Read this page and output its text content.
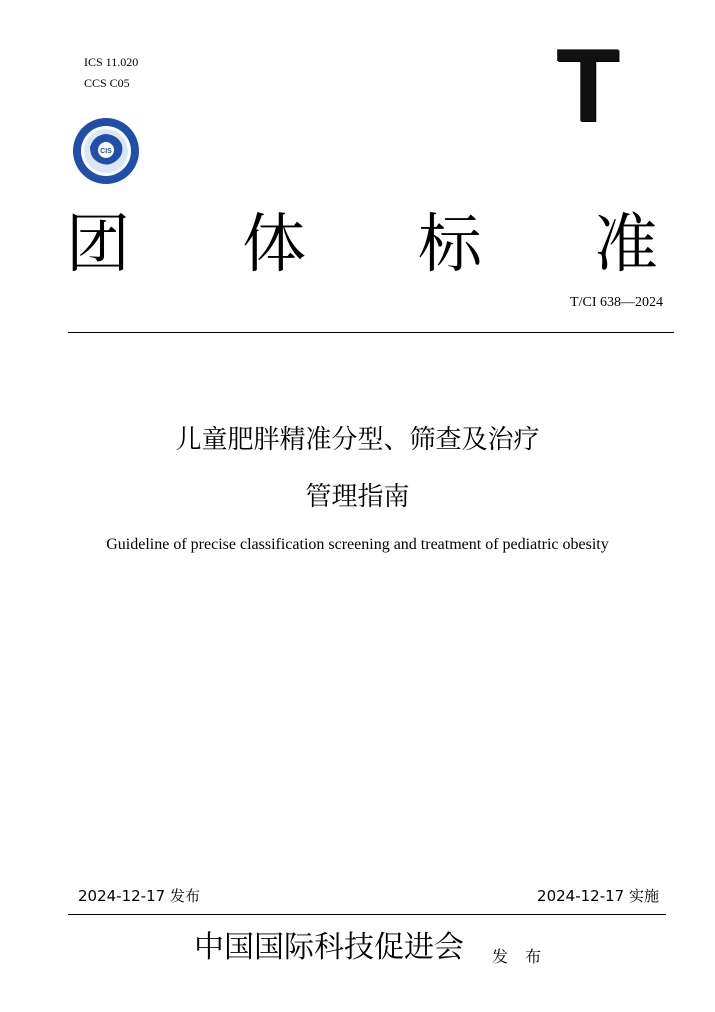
ICS 11.020
CCS C05	T
CIS
团 体 标 准
T/CI 638—2024
儿童肥胖精准分型、筛查及治疗
管理指南
Guideline of precise classification screening and treatment of pediatric obesity
2024-12-17 发布	2024-12-17 实施
中国国际科技促进会 发 布
